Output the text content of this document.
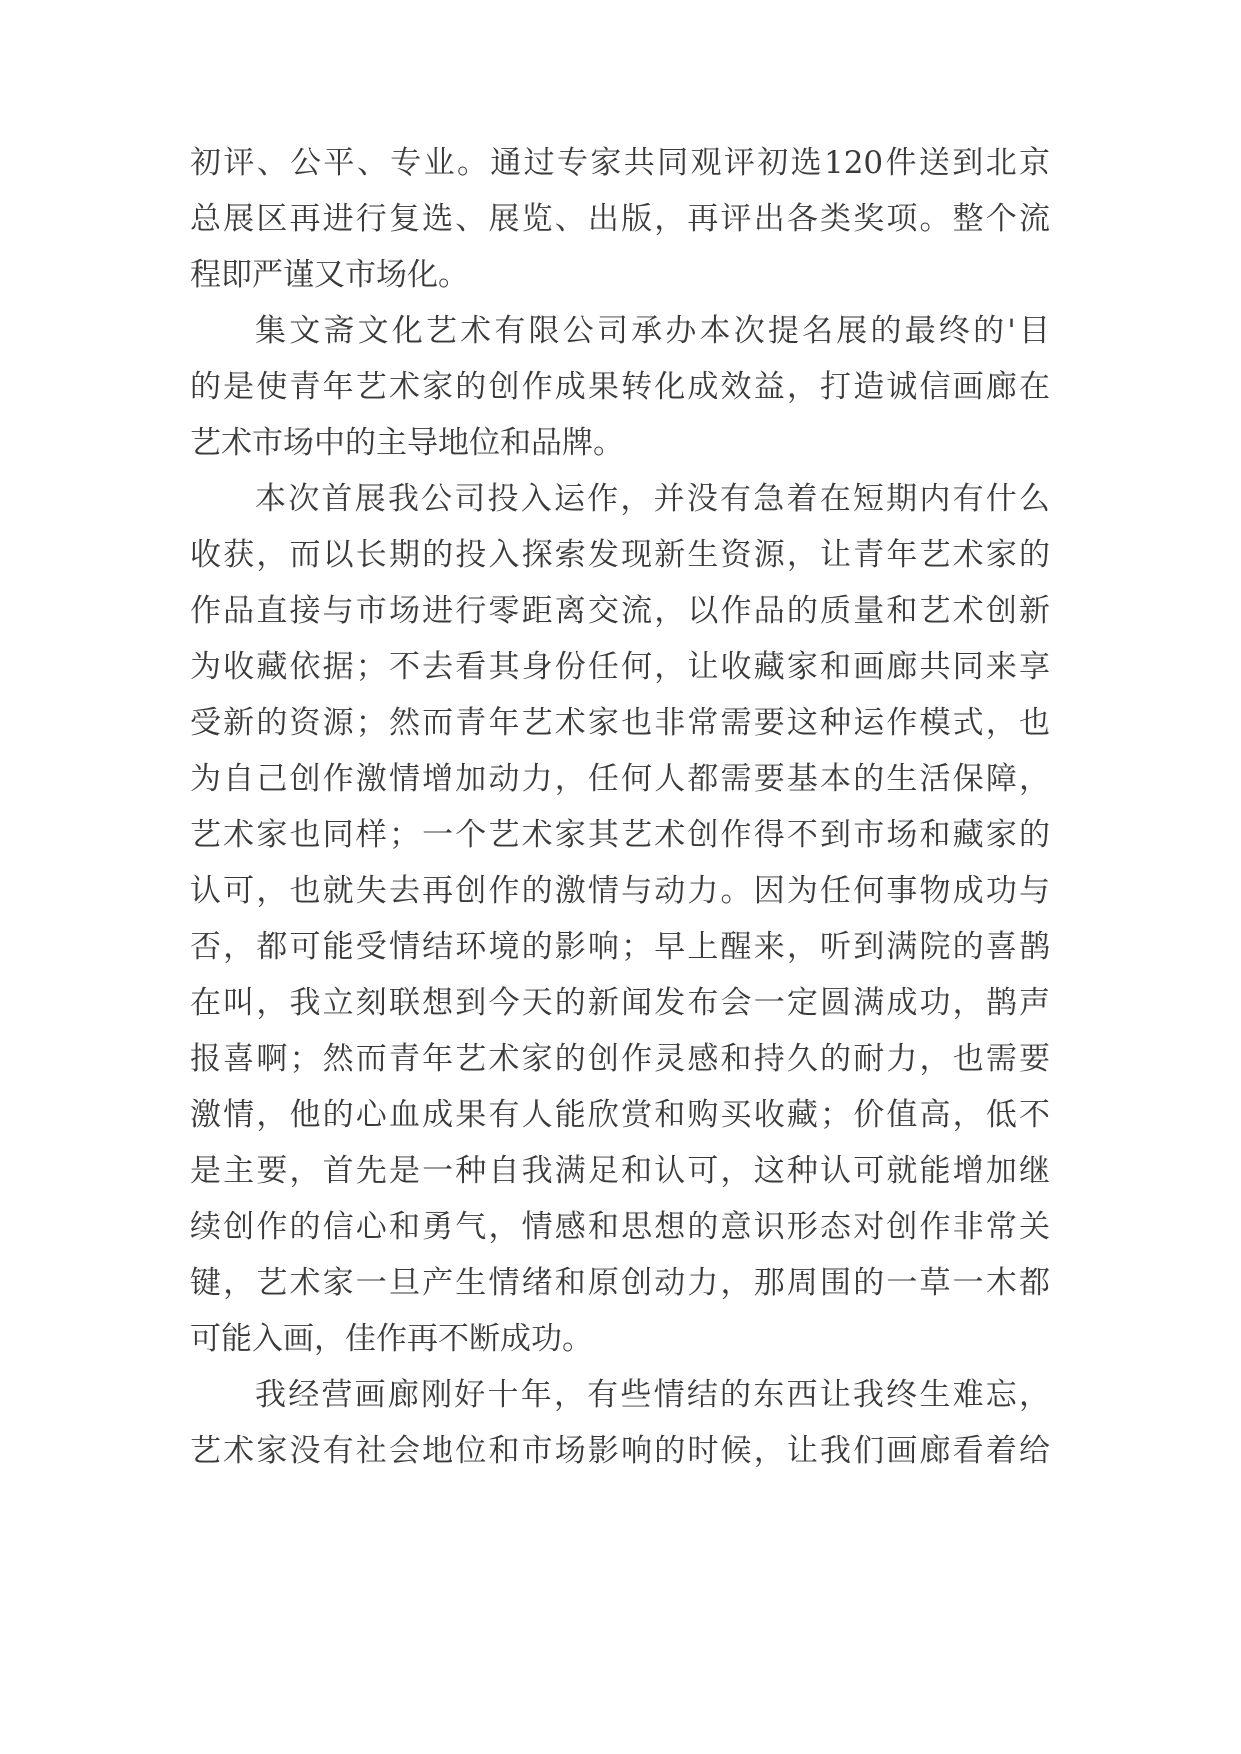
初评、公平、专业。通过专家共同观评初选120件送到北京
总展区再进行复选、展览、出版，再评出各类奖项。整个流
程即严谨又市场化。
集文斋文化艺术有限公司承办本次提名展的最终的'目
的是使青年艺术家的创作成果转化成效益，打造诚信画廊在
艺术市场中的主导地位和品牌。
本次首展我公司投入运作，并没有急着在短期内有什么
收获，而以长期的投入探索发现新生资源，让青年艺术家的
作品直接与市场进行零距离交流，以作品的质量和艺术创新
为收藏依据；不去看其身份任何，让收藏家和画廊共同来享
受新的资源；然而青年艺术家也非常需要这种运作模式，也
为自己创作激情增加动力，任何人都需要基本的生活保障，
艺术家也同样；一个艺术家其艺术创作得不到市场和藏家的
认可，也就失去再创作的激情与动力。因为任何事物成功与
否，都可能受情结环境的影响；早上醒来，听到满院的喜鹊
在叫，我立刻联想到今天的新闻发布会一定圆满成功，鹊声
报喜啊；然而青年艺术家的创作灵感和持久的耐力，也需要
激情，他的心血成果有人能欣赏和购买收藏；价值高，低不
是主要，首先是一种自我满足和认可，这种认可就能增加继
续创作的信心和勇气，情感和思想的意识形态对创作非常关
键，艺术家一旦产生情绪和原创动力，那周围的一草一木都
可能入画，佳作再不断成功。
我经营画廊刚好十年，有些情结的东西让我终生难忘，
艺术家没有社会地位和市场影响的时候，让我们画廊看着给
